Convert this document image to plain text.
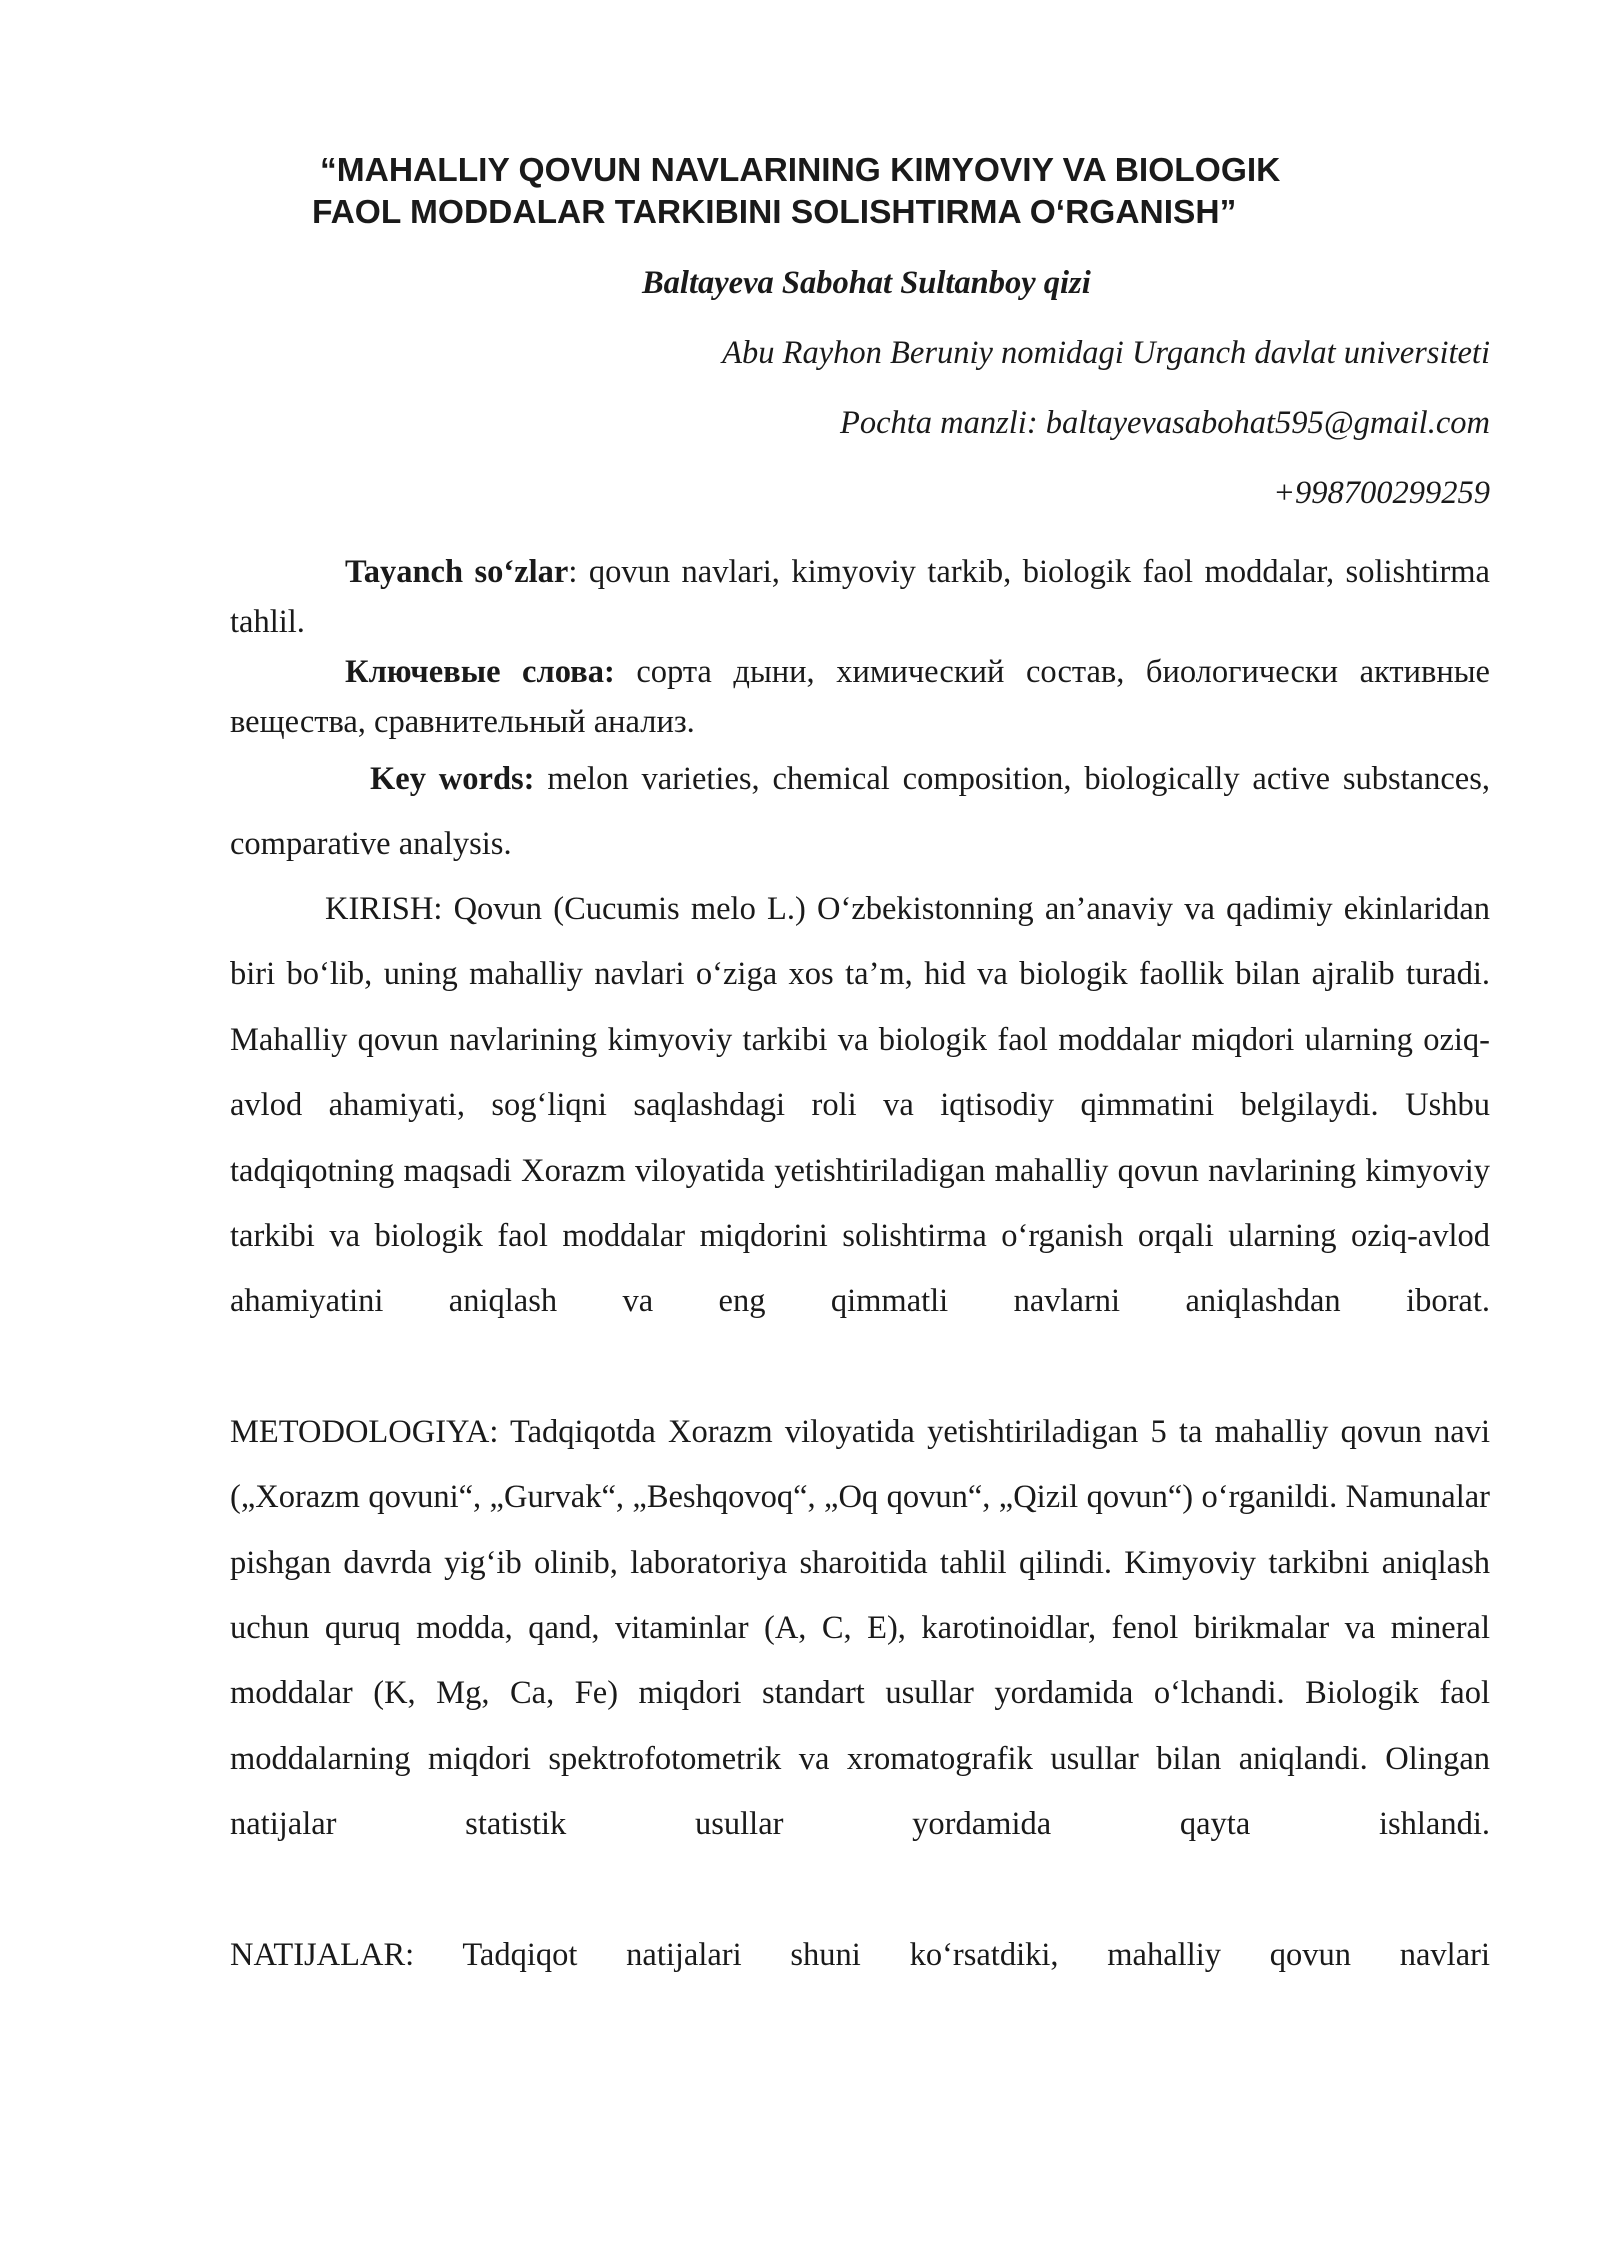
“MAHALLIY QOVUN NAVLARINING KIMYOVIY VA BIOLOGIK
FAOL MODDALAR TARKIBINI SOLISHTIRMA O‘RGANISH”

Baltayeva Sabohat Sultanboy qizi

Abu Rayhon Beruniy nomidagi Urganch davlat universiteti

Pochta manzli: baltayevasabohat595@gmail.com

+998700299259

Tayanch so‘zlar: qovun navlari, kimyoviy tarkib, biologik faol moddalar, solishtirma tahlil.

Ключевые слова: сорта дыни, химический состав, биологически активные вещества, сравнительный анализ.

Key words: melon varieties, chemical composition, biologically active substances, comparative analysis.

KIRISH: Qovun (Cucumis melo L.) O‘zbekistonning an’anaviy va qadimiy ekinlaridan biri bo‘lib, uning mahalliy navlari o‘ziga xos ta’m, hid va biologik faollik bilan ajralib turadi. Mahalliy qovun navlarining kimyoviy tarkibi va biologik faol moddalar miqdori ularning oziq-avlod ahamiyati, sog‘liqni saqlashdagi roli va iqtisodiy qimmatini belgilaydi. Ushbu tadqiqotning maqsadi Xorazm viloyatida yetishtiriladigan mahalliy qovun navlarining kimyoviy tarkibi va biologik faol moddalar miqdorini solishtirma o‘rganish orqali ularning oziq-avlod ahamiyatini aniqlash va eng qimmatli navlarni aniqlashdan iborat.

METODOLOGIYA: Tadqiqotda Xorazm viloyatida yetishtiriladigan 5 ta mahalliy qovun navi („Xorazm qovuni“, „Gurvak“, „Beshqovoq“, „Oq qovun“, „Qizil qovun“) o‘rganildi. Namunalar pishgan davrda yig‘ib olinib, laboratoriya sharoitida tahlil qilindi. Kimyoviy tarkibni aniqlash uchun quruq modda, qand, vitaminlar (A, C, E), karotinoidlar, fenol birikmalar va mineral moddalar (K, Mg, Ca, Fe) miqdori standart usullar yordamida o‘lchandi. Biologik faol moddalarning miqdori spektrofotometrik va xromatografik usullar bilan aniqlandi. Olingan natijalar statistik usullar yordamida qayta ishlandi.

NATIJALAR: Tadqiqot natijalari shuni ko‘rsatdiki, mahalliy qovun navlari
